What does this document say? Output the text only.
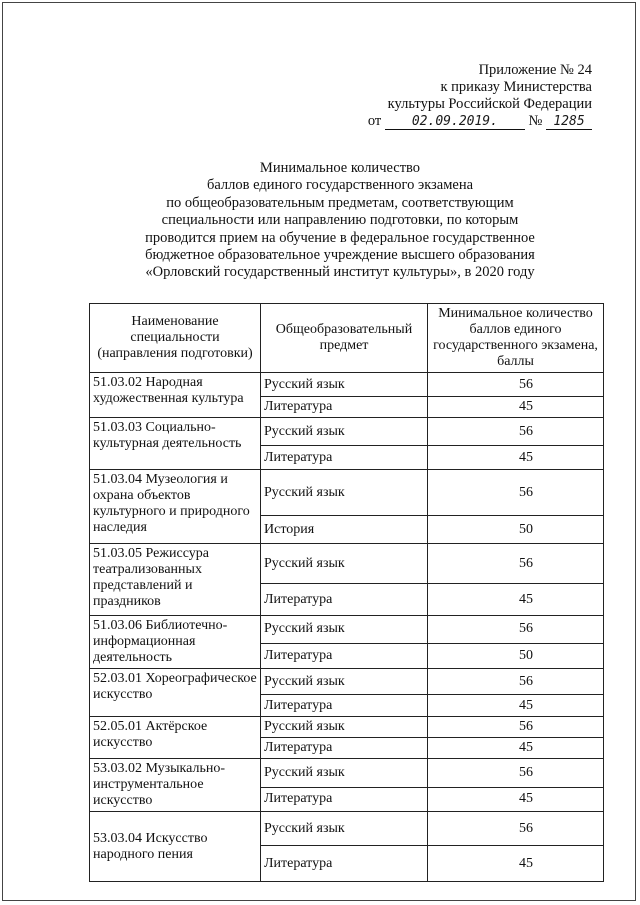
Приложение № 24
к приказу Министерства
культуры Российской Федерации
от 02.09.2019. № 1285
Минимальное количество
баллов единого государственного экзамена
по общеобразовательным предметам, соответствующим
специальности или направлению подготовки, по которым
проводится прием на обучение в федеральное государственное
бюджетное образовательное учреждение высшего образования
«Орловский государственный институт культуры», в 2020 году
Наименование специальности (направления подготовки)	Общеобразовательный предмет	Минимальное количество баллов единого государственного экзамена, баллы
51.03.02 Народная художественная культура	Русский язык	56
	Литература	45
51.03.03 Социально-культурная деятельность	Русский язык	56
	Литература	45
51.03.04 Музеология и охрана объектов культурного и природного наследия	Русский язык	56
	История	50
51.03.05 Режиссура театрализованных представлений и праздников	Русский язык	56
	Литература	45
51.03.06 Библиотечно-информационная деятельность	Русский язык	56
	Литература	50
52.03.01 Хореографическое искусство	Русский язык	56
	Литература	45
52.05.01 Актёрское искусство	Русский язык	56
	Литература	45
53.03.02 Музыкально-инструментальное искусство	Русский язык	56
	Литература	45
53.03.04 Искусство народного пения	Русский язык	56
	Литература	45
